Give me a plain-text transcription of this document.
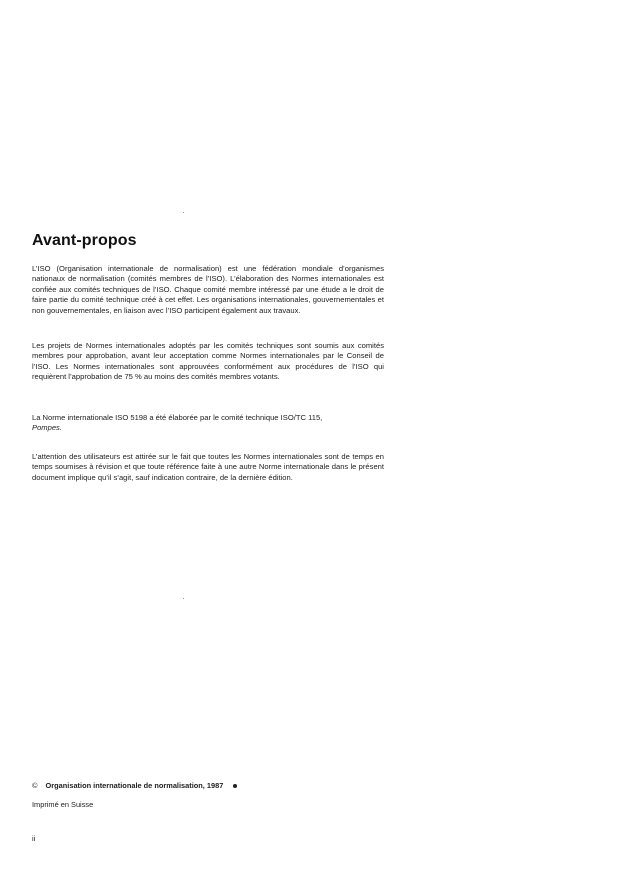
Avant-propos
L’ISO (Organisation internationale de normalisation) est une fédération mondiale d’organismes nationaux de normalisation (comités membres de l’ISO). L’élaboration des Normes internationales est confiée aux comités techniques de l’ISO. Chaque comité membre intéressé par une étude a le droit de faire partie du comité technique créé à cet effet. Les organisations internationales, gouvernementales et non gouvernementales, en liaison avec l’ISO participent également aux travaux.
Les projets de Normes internationales adoptés par les comités techniques sont soumis aux comités membres pour approbation, avant leur acceptation comme Normes internationales par le Conseil de l’ISO. Les Normes internationales sont approuvées conformément aux procédures de l’ISO qui requièrent l’approbation de 75 % au moins des comités membres votants.
La Norme internationale ISO 5198 a été élaborée par le comité technique ISO/TC 115,
Pompes.
L’attention des utilisateurs est attirée sur le fait que toutes les Normes internationales sont de temps en temps soumises à révision et que toute référence faite à une autre Norme internationale dans le présent document implique qu’il s’agit, sauf indication contraire, de la dernière édition.
© Organisation internationale de normalisation, 1987
Imprimé en Suisse
ii
